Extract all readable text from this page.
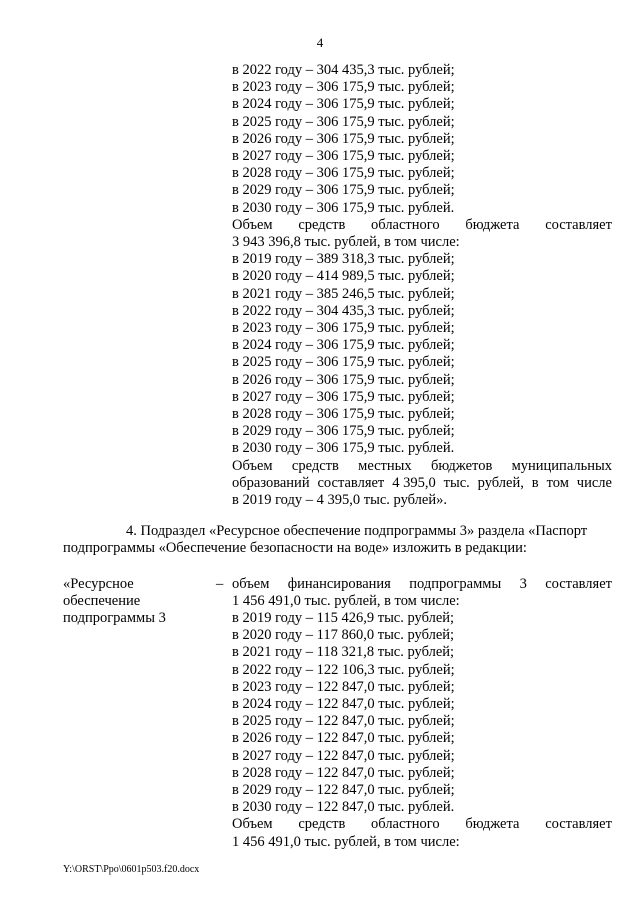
4
в 2022 году – 304 435,3 тыс. рублей;
в 2023 году – 306 175,9 тыс. рублей;
в 2024 году – 306 175,9 тыс. рублей;
в 2025 году – 306 175,9 тыс. рублей;
в 2026 году – 306 175,9 тыс. рублей;
в 2027 году – 306 175,9 тыс. рублей;
в 2028 году – 306 175,9 тыс. рублей;
в 2029 году – 306 175,9 тыс. рублей;
в 2030 году – 306 175,9 тыс. рублей.
Объем средств областного бюджета составляет
3 943 396,8 тыс. рублей, в том числе:
в 2019 году – 389 318,3 тыс. рублей;
в 2020 году – 414 989,5 тыс. рублей;
в 2021 году – 385 246,5 тыс. рублей;
в 2022 году – 304 435,3 тыс. рублей;
в 2023 году – 306 175,9 тыс. рублей;
в 2024 году – 306 175,9 тыс. рублей;
в 2025 году – 306 175,9 тыс. рублей;
в 2026 году – 306 175,9 тыс. рублей;
в 2027 году – 306 175,9 тыс. рублей;
в 2028 году – 306 175,9 тыс. рублей;
в 2029 году – 306 175,9 тыс. рублей;
в 2030 году – 306 175,9 тыс. рублей.
Объем средств местных бюджетов муниципальных
образований составляет 4 395,0 тыс. рублей, в том числе
в 2019 году – 4 395,0 тыс. рублей».
4. Подраздел «Ресурсное обеспечение подпрограммы 3» раздела «Паспорт
подпрограммы «Обеспечение безопасности на воде» изложить в редакции:
«Ресурсное
обеспечение
подпрограммы 3
– объем финансирования подпрограммы 3 составляет
1 456 491,0 тыс. рублей, в том числе:
в 2019 году – 115 426,9 тыс. рублей;
в 2020 году – 117 860,0 тыс. рублей;
в 2021 году – 118 321,8 тыс. рублей;
в 2022 году – 122 106,3 тыс. рублей;
в 2023 году – 122 847,0 тыс. рублей;
в 2024 году – 122 847,0 тыс. рублей;
в 2025 году – 122 847,0 тыс. рублей;
в 2026 году – 122 847,0 тыс. рублей;
в 2027 году – 122 847,0 тыс. рублей;
в 2028 году – 122 847,0 тыс. рублей;
в 2029 году – 122 847,0 тыс. рублей;
в 2030 году – 122 847,0 тыс. рублей.
Объем средств областного бюджета составляет
1 456 491,0 тыс. рублей, в том числе:
Y:\ORST\Ppo\0601p503.f20.docx
